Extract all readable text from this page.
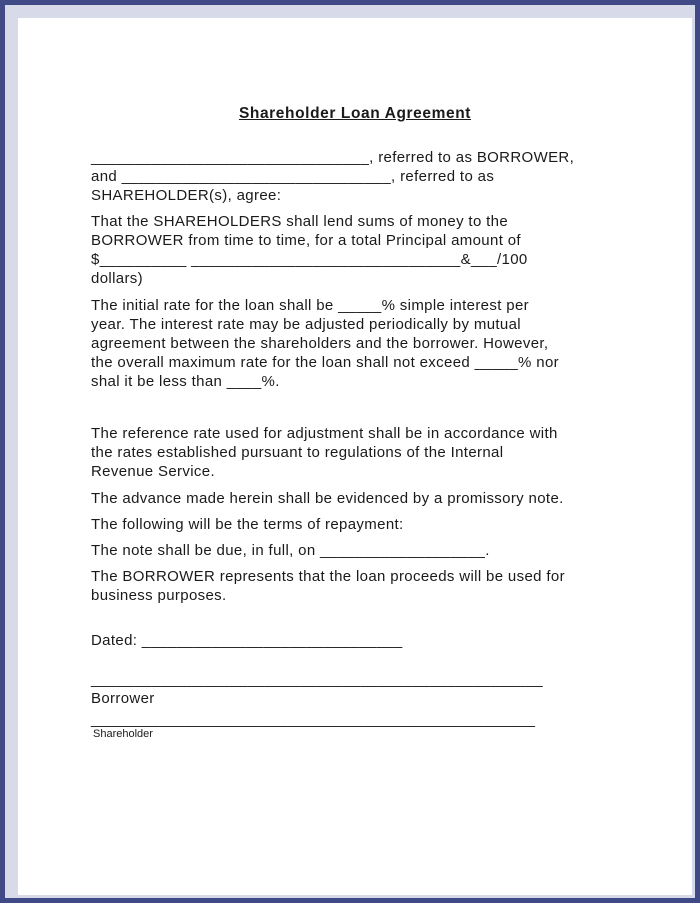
Shareholder Loan Agreement

________________________________, referred to as BORROWER,

and _______________________________, referred to as

SHAREHOLDER(s), agree:

That the SHAREHOLDERS shall lend sums of money to the

BORROWER from time to time, for a total Principal amount of

$__________ _______________________________&___/100

dollars)

The initial rate for the loan shall be _____% simple interest per

year. The interest rate may be adjusted periodically by mutual

agreement between the shareholders and the borrower. However,

the overall maximum rate for the loan shall not exceed _____% nor

shal it be less than ____%.

The reference rate used for adjustment shall be in accordance with

the rates established pursuant to regulations of the Internal

Revenue Service.

The advance made herein shall be evidenced by a promissory note.

The following will be the terms of repayment:

The note shall be due, in full, on ___________________.

The BORROWER represents that the loan proceeds will be used for

business purposes.

Dated: ______________________________

____________________________________________________

Borrower

____________________________________________________

Shareholder
